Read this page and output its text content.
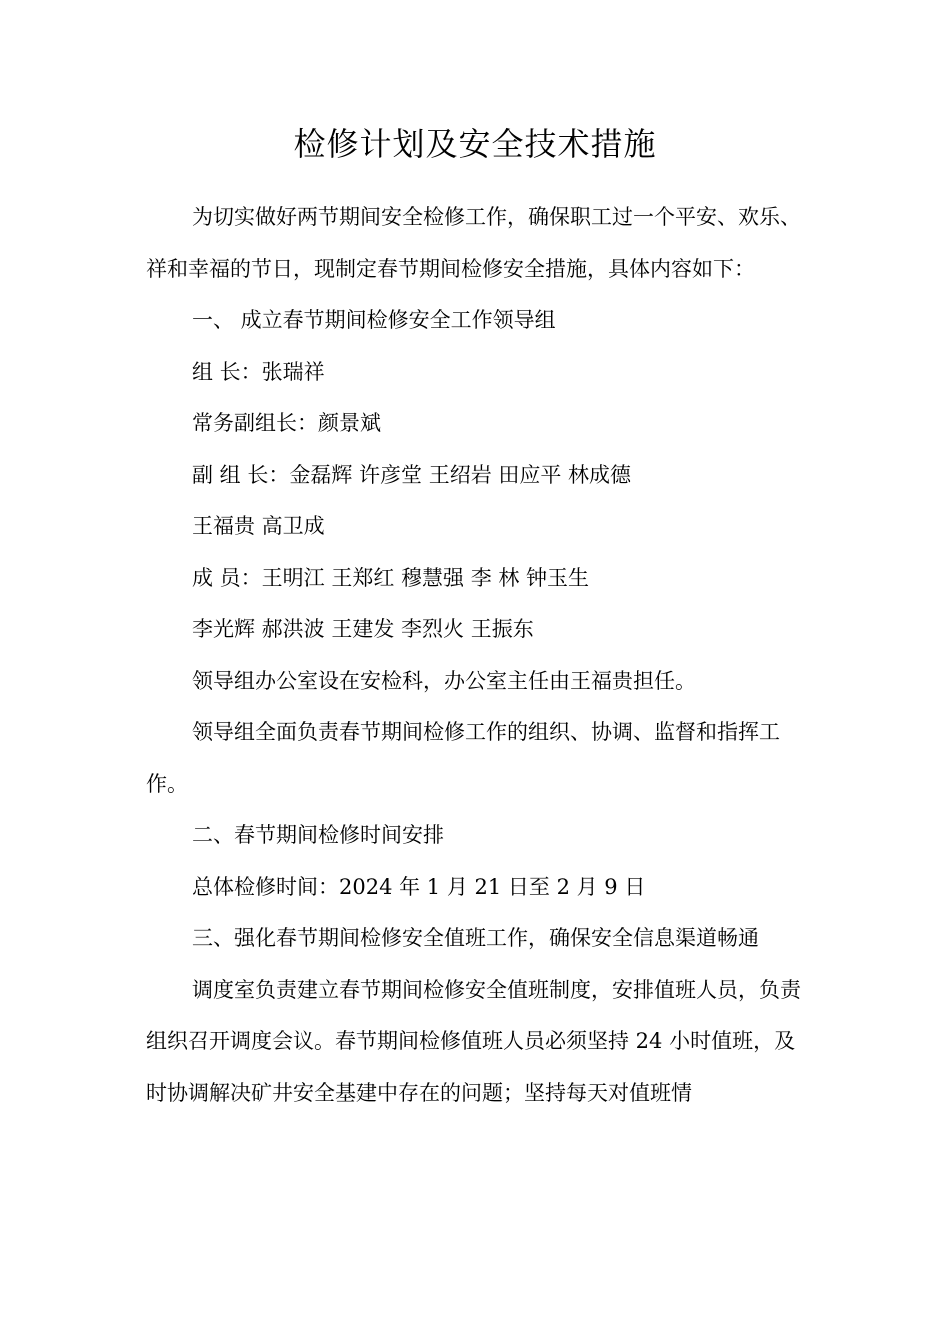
检修计划及安全技术措施

为切实做好两节期间安全检修工作，确保职工过一个平安、欢乐、祥和幸福的节日，现制定春节期间检修安全措施，具体内容如下：

一、 成立春节期间检修安全工作领导组

组 长：张瑞祥

常务副组长：颜景斌

副 组 长：金磊辉 许彦堂 王绍岩 田应平 林成德

王福贵 高卫成

成 员：王明江 王郑红 穆慧强 李 林 钟玉生

李光辉 郝洪波 王建发 李烈火 王振东

领导组办公室设在安检科，办公室主任由王福贵担任。

领导组全面负责春节期间检修工作的组织、协调、监督和指挥工作。

二、春节期间检修时间安排

总体检修时间：2024 年 1 月 21 日至 2 月 9 日

三、强化春节期间检修安全值班工作，确保安全信息渠道畅通

调度室负责建立春节期间检修安全值班制度，安排值班人员，负责组织召开调度会议。春节期间检修值班人员必须坚持 24 小时值班，及时协调解决矿井安全基建中存在的问题；坚持每天对值班情
